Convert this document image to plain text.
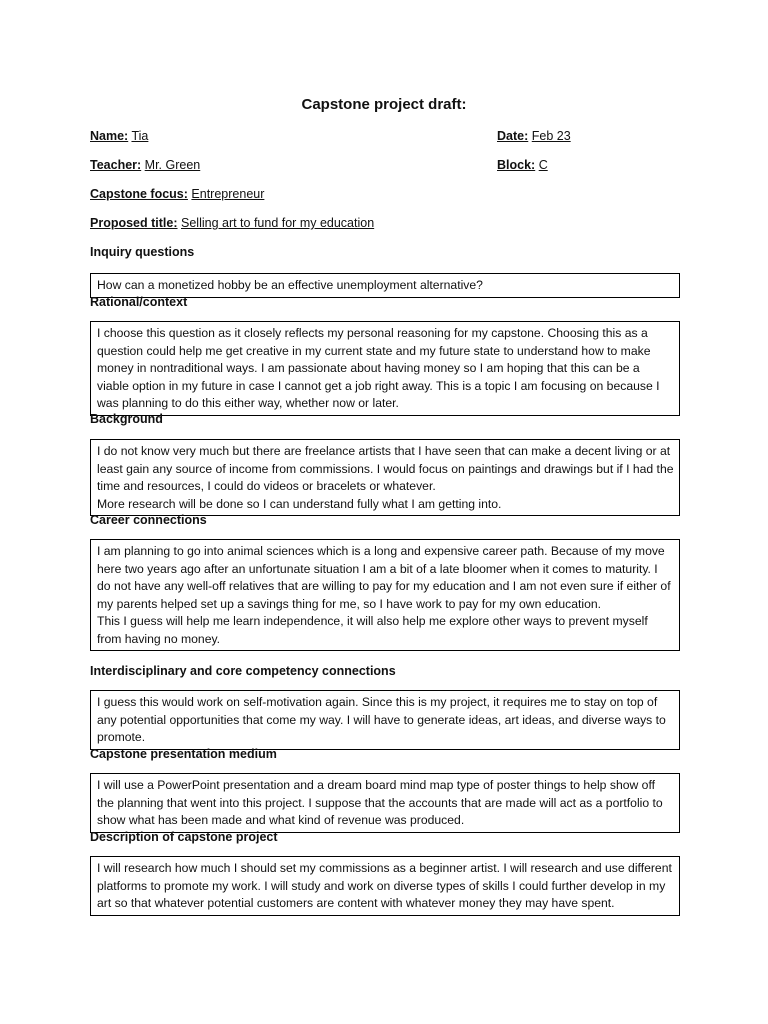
Capstone project draft:
Name: Tia	Date: Feb 23
Teacher: Mr. Green	Block: C
Capstone focus: Entrepreneur
Proposed title: Selling art to fund for my education
Inquiry questions

How can a monetized hobby be an effective unemployment alternative?

Rational/context

I choose this question as it closely reflects my personal reasoning for my capstone. Choosing this as a question could help me get creative in my current state and my future state to understand how to make money in nontraditional ways. I am passionate about having money so I am hoping that this can be a viable option in my future in case I cannot get a job right away. This is a topic I am focusing on because I was planning to do this either way, whether now or later.

Background

I do not know very much but there are freelance artists that I have seen that can make a decent living or at least gain any source of income from commissions. I would focus on paintings and drawings but if I had the time and resources, I could do videos or bracelets or whatever.

More research will be done so I can understand fully what I am getting into.

Career connections

I am planning to go into animal sciences which is a long and expensive career path. Because of my move here two years ago after an unfortunate situation I am a bit of a late bloomer when it comes to maturity. I do not have any well-off relatives that are willing to pay for my education and I am not even sure if either of my parents helped set up a savings thing for me, so I have work to pay for my own education.

This I guess will help me learn independence, it will also help me explore other ways to prevent myself from having no money.

Interdisciplinary and core competency connections

I guess this would work on self-motivation again. Since this is my project, it requires me to stay on top of any potential opportunities that come my way. I will have to generate ideas, art ideas, and diverse ways to promote.

Capstone presentation medium

I will use a PowerPoint presentation and a dream board mind map type of poster things to help show off the planning that went into this project. I suppose that the accounts that are made will act as a portfolio to show what has been made and what kind of revenue was produced.

Description of capstone project

I will research how much I should set my commissions as a beginner artist. I will research and use different platforms to promote my work. I will study and work on diverse types of skills I could further develop in my art so that whatever potential customers are content with whatever money they may have spent.
